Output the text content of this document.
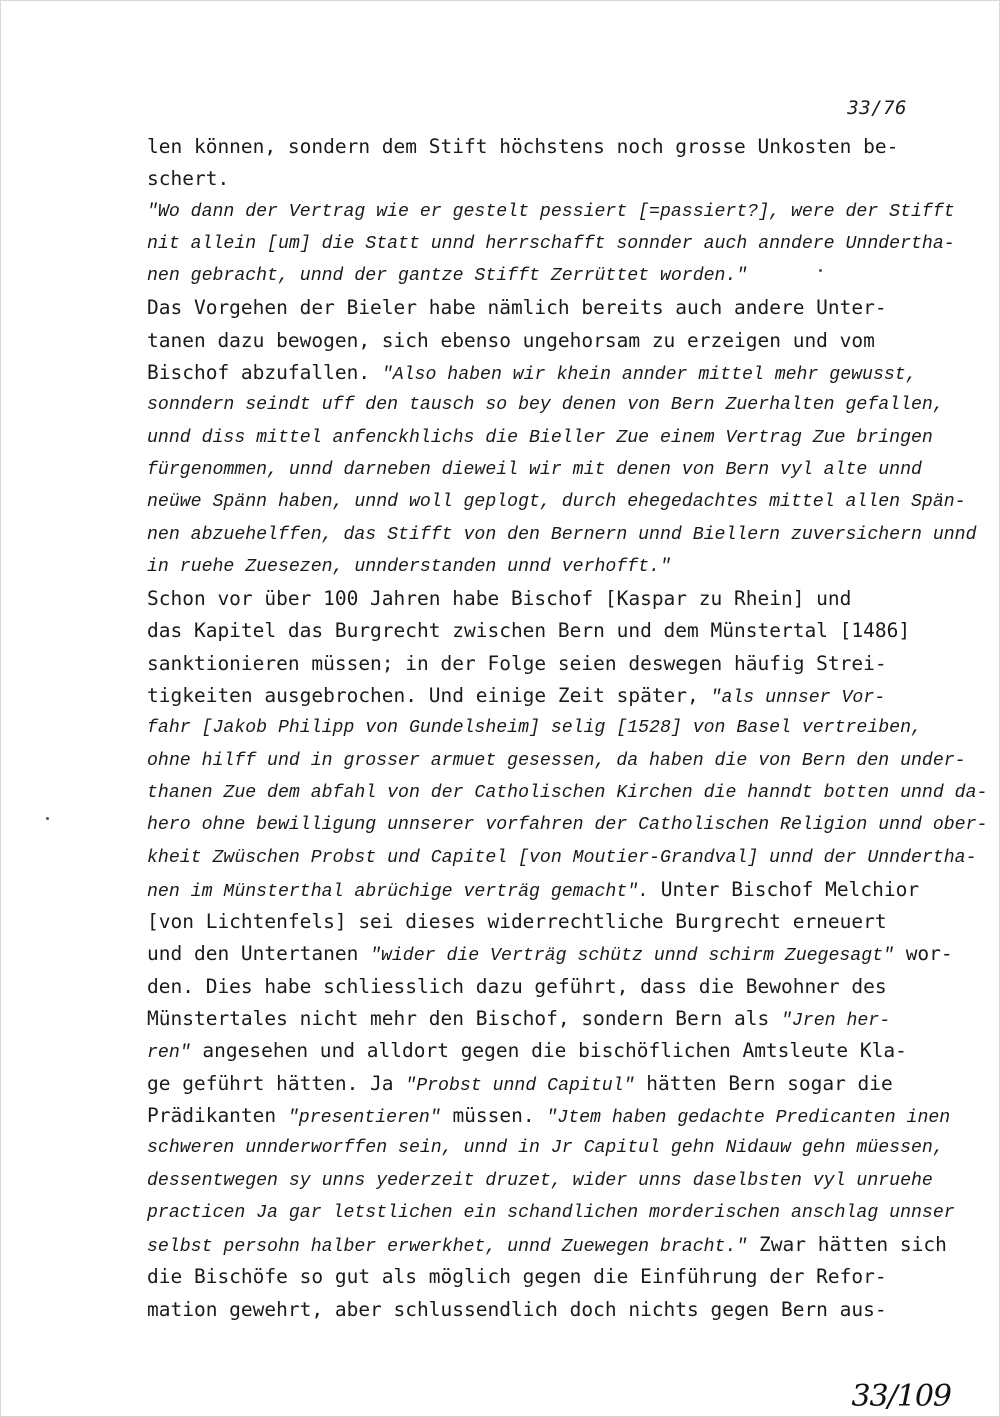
33/76
len können, sondern dem Stift höchstens noch grosse Unkosten be-
schert.
"Wo dann der Vertrag wie er gestelt pessiert [=passiert?], were der Stifft
nit allein [um] die Statt unnd herrschafft sonnder auch anndere Unndertha-
nen gebracht, unnd der gantze Stifft Zerrüttet worden."
Das Vorgehen der Bieler habe nämlich bereits auch andere Unter-
tanen dazu bewogen, sich ebenso ungehorsam zu erzeigen und vom
Bischof abzufallen. "Also haben wir khein annder mittel mehr gewusst,
sonndern seindt uff den tausch so bey denen von Bern Zuerhalten gefallen,
unnd diss mittel anfenckhlichs die Bieller Zue einem Vertrag Zue bringen
fürgenommen, unnd darneben dieweil wir mit denen von Bern vyl alte unnd
neüwe Spänn haben, unnd woll geplogt, durch ehegedachtes mittel allen Spän-
nen abzuehelffen, das Stifft von den Bernern unnd Biellern zuversichern unnd
in ruehe Zuesezen, unnderstanden unnd verhofft."
Schon vor über 100 Jahren habe Bischof [Kaspar zu Rhein] und
das Kapitel das Burgrecht zwischen Bern und dem Münstertal [1486]
sanktionieren müssen; in der Folge seien deswegen häufig Strei-
tigkeiten ausgebrochen. Und einige Zeit später, "als unnser Vor-
fahr [Jakob Philipp von Gundelsheim] selig [1528] von Basel vertreiben,
ohne hilff und in grosser armuet gesessen, da haben die von Bern den under-
thanen Zue dem abfahl von der Catholischen Kirchen die hanndt botten unnd da-
hero ohne bewilligung unnserer vorfahren der Catholischen Religion unnd ober-
kheit Zwüschen Probst und Capitel [von Moutier-Grandval] unnd der Unndertha-
nen im Münsterthal abrüchige verträg gemacht". Unter Bischof Melchior
[von Lichtenfels] sei dieses widerrechtliche Burgrecht erneuert
und den Untertanen "wider die Verträg schütz unnd schirm Zuegesagt" wor-
den. Dies habe schliesslich dazu geführt, dass die Bewohner des
Münstertales nicht mehr den Bischof, sondern Bern als "Jren her-
ren" angesehen und alldort gegen die bischöflichen Amtsleute Kla-
ge geführt hätten. Ja "Probst unnd Capitul" hätten Bern sogar die
Prädikanten "presentieren" müssen. "Jtem haben gedachte Predicanten inen
schweren unnderworffen sein, unnd in Jr Capitul gehn Nidauw gehn müessen,
dessentwegen sy unns yederzeit druzet, wider unns daselbsten vyl unruehe
practicen Ja gar letstlichen ein schandlichen morderischen anschlag unnser
selbst persohn halber erwerkhet, unnd Zuewegen bracht." Zwar hätten sich
die Bischöfe so gut als möglich gegen die Einführung der Refor-
mation gewehrt, aber schlussendlich doch nichts gegen Bern aus-
33/109
